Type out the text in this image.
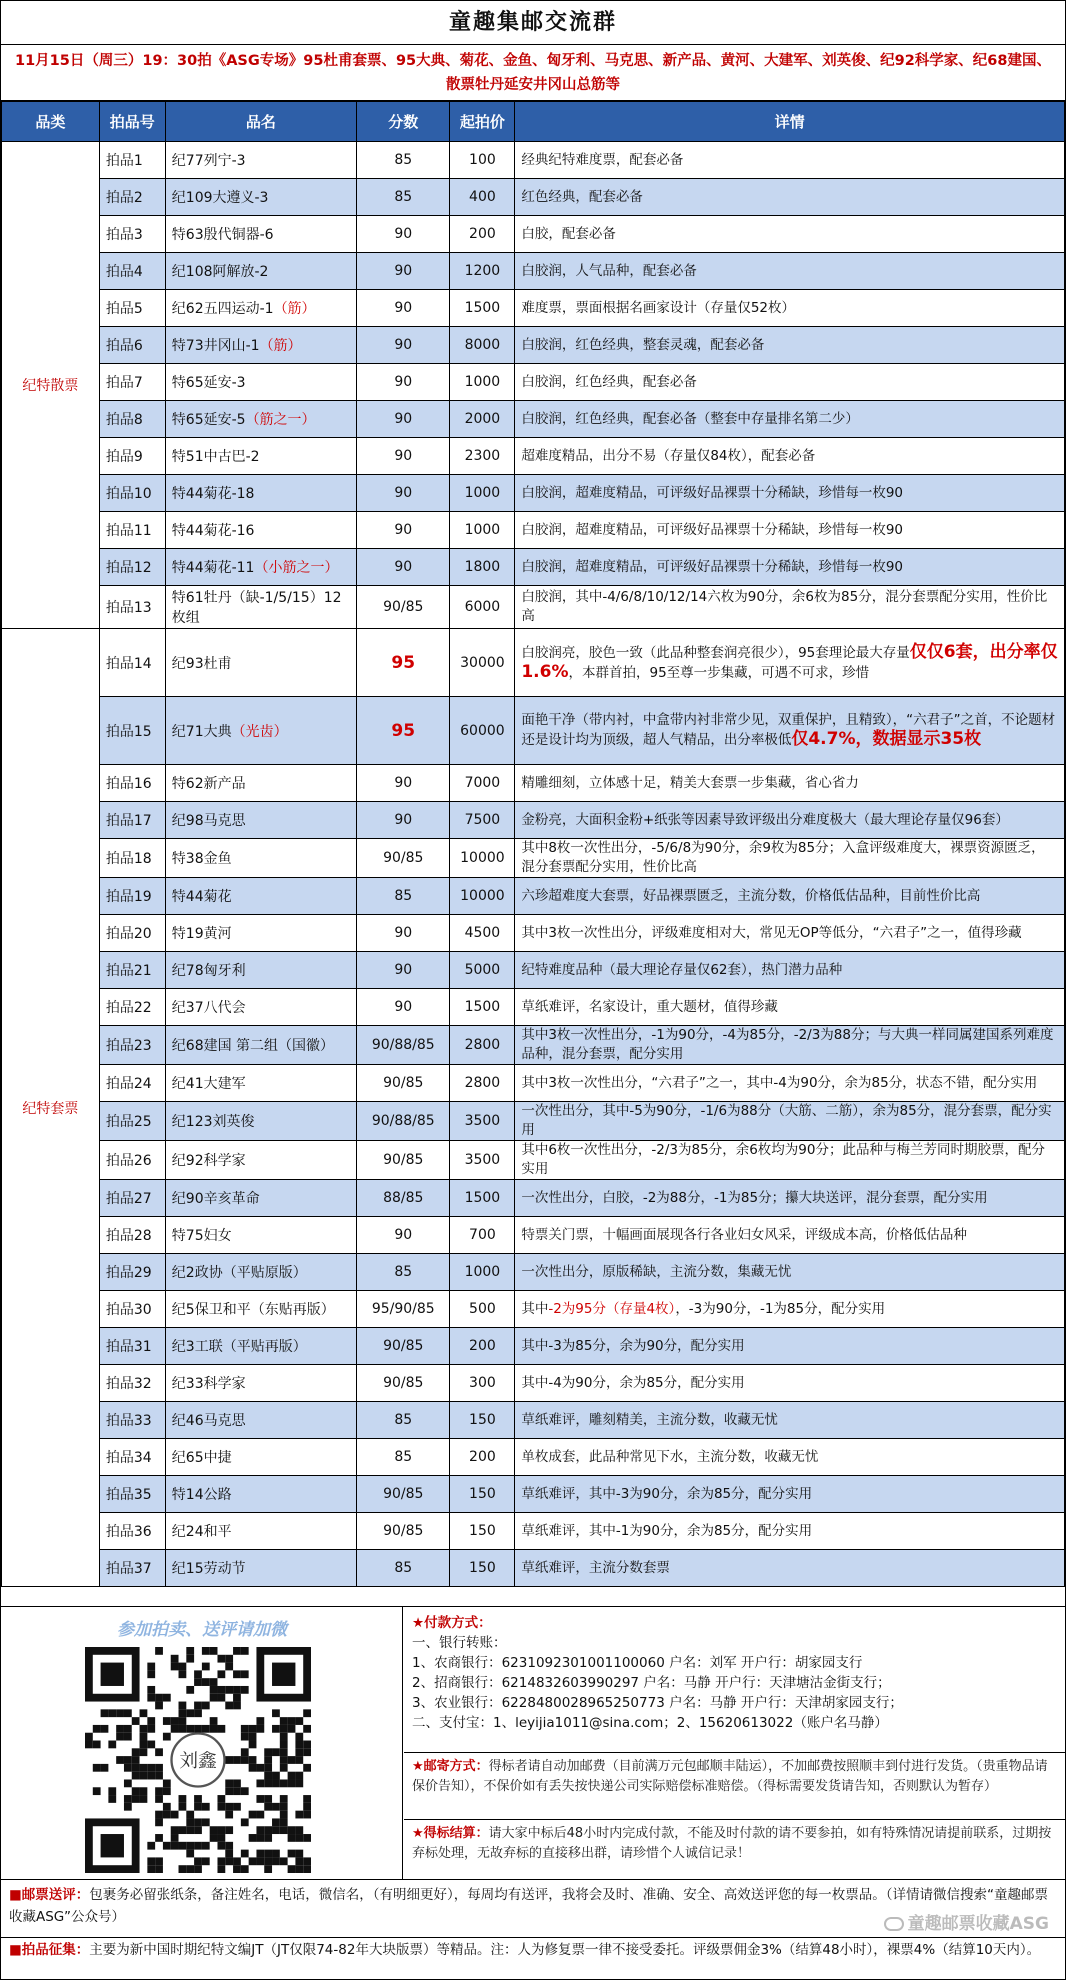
童趣集邮交流群
11月15日（周三）19：30拍《ASG专场》95杜甫套票、95大典、菊花、金鱼、匈牙利、马克思、新产品、黄河、大建军、刘英俊、纪92科学家、纪68建国、散票牡丹延安井冈山总筋等
品类	拍品号	品名	分数	起拍价	详情
纪特散票	拍品1	纪77列宁-3	85	100	经典纪特难度票，配套必备
	拍品2	纪109大遵义-3	85	400	红色经典，配套必备
	拍品3	特63殷代铜器-6	90	200	白胶，配套必备
	拍品4	纪108阿解放-2	90	1200	白胶润，人气品种，配套必备
	拍品5	纪62五四运动-1（筋）	90	1500	难度票，票面根据名画家设计（存量仅52枚）
	拍品6	特73井冈山-1（筋）	90	8000	白胶润，红色经典，整套灵魂，配套必备
	拍品7	特65延安-3	90	1000	白胶润，红色经典，配套必备
	拍品8	特65延安-5（筋之一）	90	2000	白胶润，红色经典，配套必备（整套中存量排名第二少）
	拍品9	特51中古巴-2	90	2300	超难度精品，出分不易（存量仅84枚），配套必备
	拍品10	特44菊花-18	90	1000	白胶润，超难度精品，可评级好品裸票十分稀缺，珍惜每一枚90
	拍品11	特44菊花-16	90	1000	白胶润，超难度精品，可评级好品裸票十分稀缺，珍惜每一枚90
	拍品12	特44菊花-11（小筋之一）	90	1800	白胶润，超难度精品，可评级好品裸票十分稀缺，珍惜每一枚90
	拍品13	特61牡丹（缺-1/5/15）12枚组	90/85	6000	白胶润，其中-4/6/8/10/12/14六枚为90分，余6枚为85分，混分套票配分实用，性价比高
纪特套票	拍品14	纪93杜甫	95	30000	白胶润亮，胶色一致（此品种整套润亮很少），95套理论最大存量仅仅6套，出分率仅1.6%，本群首拍，95至尊一步集藏，可遇不可求，珍惜
	拍品15	纪71大典（光齿）	95	60000	面艳干净（带内衬，中盒带内衬非常少见，双重保护，且精致），“六君子”之首，不论题材还是设计均为顶级，超人气精品，出分率极低仅4.7%，数据显示35枚
	拍品16	特62新产品	90	7000	精雕细刻，立体感十足，精美大套票一步集藏，省心省力
	拍品17	纪98马克思	90	7500	金粉亮，大面积金粉+纸张等因素导致评级出分难度极大（最大理论存量仅96套）
	拍品18	特38金鱼	90/85	10000	其中8枚一次性出分，-5/6/8为90分，余9枚为85分；入盒评级难度大，裸票资源匮乏，混分套票配分实用，性价比高
	拍品19	特44菊花	85	10000	六珍超难度大套票，好品裸票匮乏，主流分数，价格低估品种，目前性价比高
	拍品20	特19黄河	90	4500	其中3枚一次性出分，评级难度相对大，常见无OP等低分，“六君子”之一，值得珍藏
	拍品21	纪78匈牙利	90	5000	纪特难度品种（最大理论存量仅62套），热门潜力品种
	拍品22	纪37八代会	90	1500	草纸难评，名家设计，重大题材，值得珍藏
	拍品23	纪68建国 第二组（国徽）	90/88/85	2800	其中3枚一次性出分，-1为90分，-4为85分，-2/3为88分；与大典一样同属建国系列难度品种，混分套票，配分实用
	拍品24	纪41大建军	90/85	2800	其中3枚一次性出分，“六君子”之一，其中-4为90分，余为85分，状态不错，配分实用
	拍品25	纪123刘英俊	90/88/85	3500	一次性出分，其中-5为90分，-1/6为88分（大筋、二筋），余为85分，混分套票，配分实用
	拍品26	纪92科学家	90/85	3500	其中6枚一次性出分，-2/3为85分，余6枚均为90分；此品种与梅兰芳同时期胶票，配分实用
	拍品27	纪90辛亥革命	88/85	1500	一次性出分，白胶，-2为88分，-1为85分；攥大块送评，混分套票，配分实用
	拍品28	特75妇女	90	700	特票关门票，十幅画面展现各行各业妇女风采，评级成本高，价格低估品种
	拍品29	纪2政协（平贴原版）	85	1000	一次性出分，原版稀缺，主流分数，集藏无忧
	拍品30	纪5保卫和平（东贴再版）	95/90/85	500	其中-2为95分（存量4枚），-3为90分，-1为85分，配分实用
	拍品31	纪3工联（平贴再版）	90/85	200	其中-3为85分，余为90分，配分实用
	拍品32	纪33科学家	90/85	300	其中-4为90分，余为85分，配分实用
	拍品33	纪46马克思	85	150	草纸难评，雕刻精美，主流分数，收藏无忧
	拍品34	纪65中捷	85	200	单枚成套，此品种常见下水，主流分数，收藏无忧
	拍品35	特14公路	90/85	150	草纸难评，其中-3为90分，余为85分，配分实用
	拍品36	纪24和平	90/85	150	草纸难评，其中-1为90分，余为85分，配分实用
	拍品37	纪15劳动节	85	150	草纸难评，主流分数套票
参加拍卖、送评请加微
刘鑫
★付款方式：
一、银行转账：
1、农商银行：6231092301001100060 户名：刘军 开户行：胡家园支行
2、招商银行：6214832603990297 户名：马静 开户行：天津塘沽金街支行；
3、农业银行：6228480028965250773 户名：马静 开户行：天津胡家园支行；
二、支付宝：1、leyijia1011@sina.com；2、15620613022（账户名马静）
★邮寄方式：得标者请自动加邮费（目前满万元包邮顺丰陆运），不加邮费按照顺丰到付进行发货。（贵重物品请保价告知），不保价如有丢失按快递公司实际赔偿标准赔偿。（得标需要发货请告知，否则默认为暂存）
★得标结算：请大家中标后48小时内完成付款，不能及时付款的请不要参拍，如有特殊情况请提前联系，过期按弃标处理，无故弃标的直接移出群，请珍惜个人诚信记录！
■邮票送评：包裹务必留张纸条，备注姓名，电话，微信名，（有明细更好），每周均有送评，我将会及时、准确、安全、高效送评您的每一枚票品。（详情请微信搜索“童趣邮票收藏ASG”公众号）	童趣邮票收藏ASG
■拍品征集：主要为新中国时期纪特文编JT（JT仅限74-82年大块版票）等精品。注：人为修复票一律不接受委托。评级票佣金3%（结算48小时），裸票4%（结算10天内）。
